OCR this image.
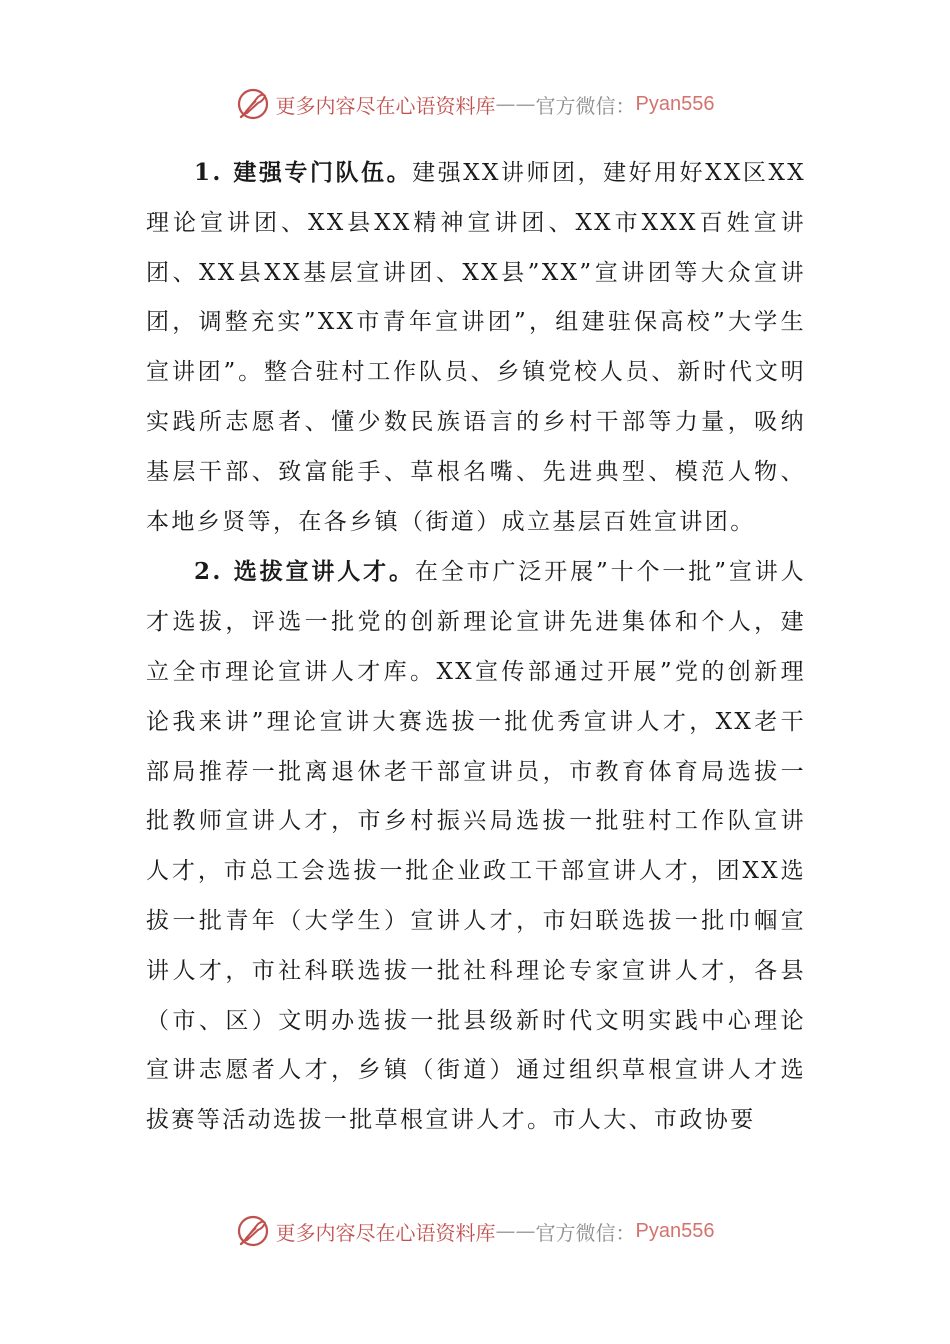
更多内容尽在心语资料库 —— 官方微信： Pyan556

1. 建强专门队伍。建强XX讲师团，建好用好XX区XX理论宣讲团、XX县XX精神宣讲团、XX市XXX百姓宣讲团、XX县XX基层宣讲团、XX县”XX”宣讲团等大众宣讲团，调整充实”XX市青年宣讲团”，组建驻保高校”大学生宣讲团”。整合驻村工作队员、乡镇党校人员、新时代文明实践所志愿者、懂少数民族语言的乡村干部等力量，吸纳基层干部、致富能手、草根名嘴、先进典型、模范人物、本地乡贤等，在各乡镇（街道）成立基层百姓宣讲团。

2. 选拔宣讲人才。在全市广泛开展”十个一批”宣讲人才选拔，评选一批党的创新理论宣讲先进集体和个人，建立全市理论宣讲人才库。XX宣传部通过开展”党的创新理论我来讲”理论宣讲大赛选拔一批优秀宣讲人才，XX老干部局推荐一批离退休老干部宣讲员，市教育体育局选拔一批教师宣讲人才，市乡村振兴局选拔一批驻村工作队宣讲人才，市总工会选拔一批企业政工干部宣讲人才，团XX选拔一批青年（大学生）宣讲人才，市妇联选拔一批巾帼宣讲人才，市社科联选拔一批社科理论专家宣讲人才，各县（市、区）文明办选拔一批县级新时代文明实践中心理论宣讲志愿者人才，乡镇（街道）通过组织草根宣讲人才选拔赛等活动选拔一批草根宣讲人才。市人大、市政协要

更多内容尽在心语资料库 —— 官方微信： Pyan556
